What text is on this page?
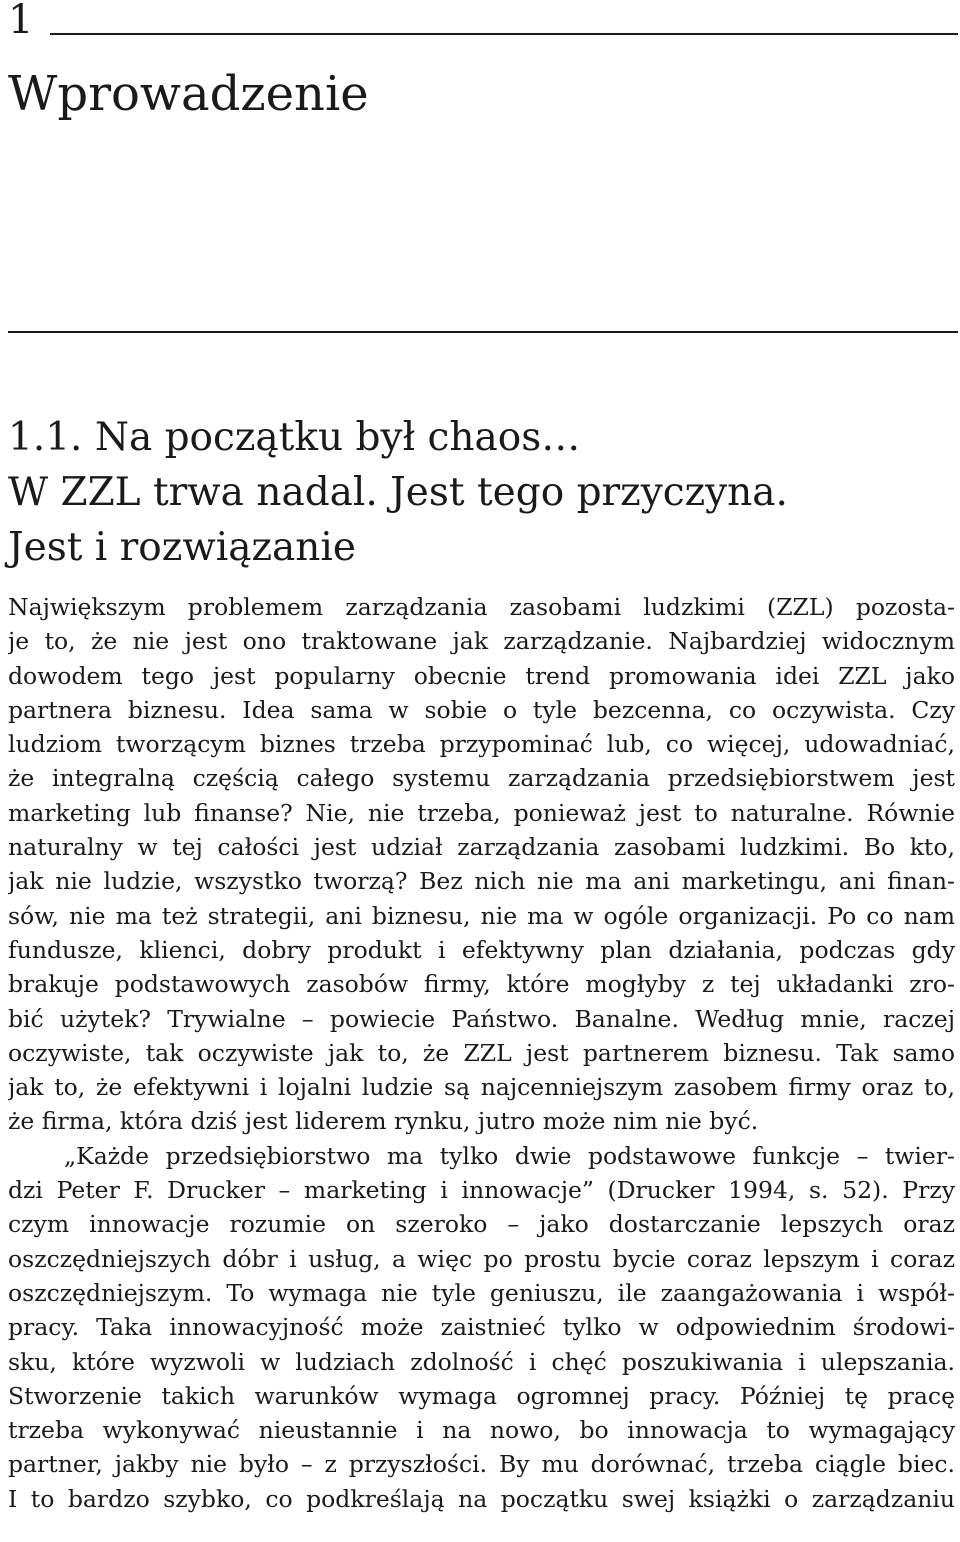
1
Wprowadzenie
1.1. Na początku był chaos…
W ZZL trwa nadal. Jest tego przyczyna.
Jest i rozwiązanie
Największym problemem zarządzania zasobami ludzkimi (ZZL) pozosta-
je to, że nie jest ono traktowane jak zarządzanie. Najbardziej widocznym
dowodem tego jest popularny obecnie trend promowania idei ZZL jako
partnera biznesu. Idea sama w sobie o tyle bezcenna, co oczywista. Czy
ludziom tworzącym biznes trzeba przypominać lub, co więcej, udowadniać,
że integralną częścią całego systemu zarządzania przedsiębiorstwem jest
marketing lub finanse? Nie, nie trzeba, ponieważ jest to naturalne. Równie
naturalny w tej całości jest udział zarządzania zasobami ludzkimi. Bo kto,
jak nie ludzie, wszystko tworzą? Bez nich nie ma ani marketingu, ani finan-
sów, nie ma też strategii, ani biznesu, nie ma w ogóle organizacji. Po co nam
fundusze, klienci, dobry produkt i efektywny plan działania, podczas gdy
brakuje podstawowych zasobów firmy, które mogłyby z tej układanki zro-
bić użytek? Trywialne – powiecie Państwo. Banalne. Według mnie, raczej
oczywiste, tak oczywiste jak to, że ZZL jest partnerem biznesu. Tak samo
jak to, że efektywni i lojalni ludzie są najcenniejszym zasobem firmy oraz to,
że firma, która dziś jest liderem rynku, jutro może nim nie być.
„Każde przedsiębiorstwo ma tylko dwie podstawowe funkcje – twier-
dzi Peter F. Drucker – marketing i innowacje” (Drucker 1994, s. 52). Przy
czym innowacje rozumie on szeroko – jako dostarczanie lepszych oraz
oszczędniejszych dóbr i usług, a więc po prostu bycie coraz lepszym i coraz
oszczędniejszym. To wymaga nie tyle geniuszu, ile zaangażowania i współ-
pracy. Taka innowacyjność może zaistnieć tylko w odpowiednim środowi-
sku, które wyzwoli w ludziach zdolność i chęć poszukiwania i ulepszania.
Stworzenie takich warunków wymaga ogromnej pracy. Później tę pracę
trzeba wykonywać nieustannie i na nowo, bo innowacja to wymagający
partner, jakby nie było – z przyszłości. By mu dorównać, trzeba ciągle biec.
I to bardzo szybko, co podkreślają na początku swej książki o zarządzaniu
